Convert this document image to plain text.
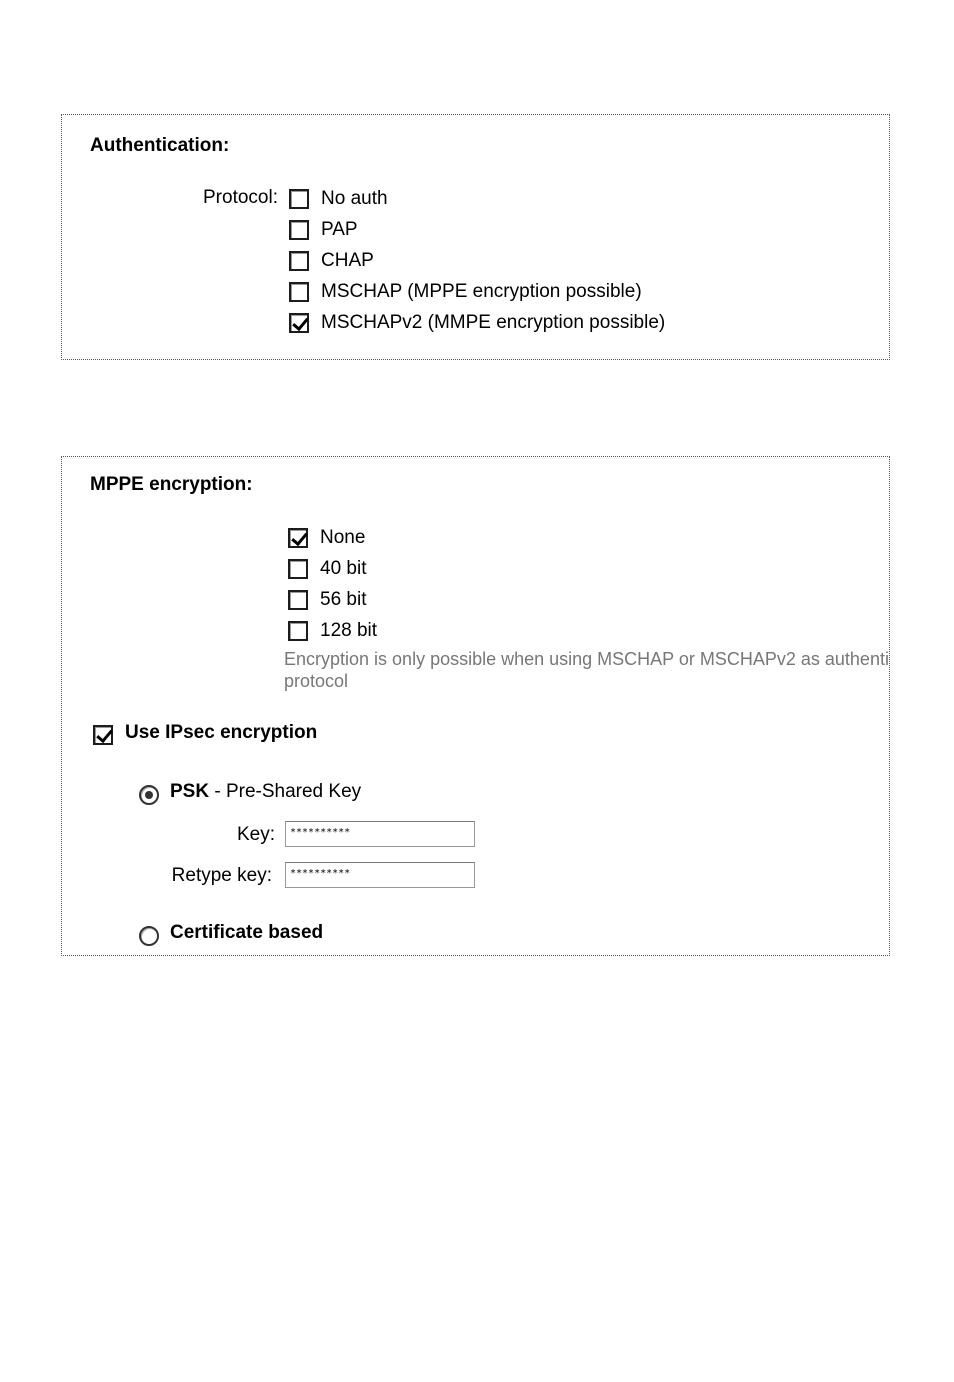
Authentication:
Protocol: No auth
PAP
CHAP
MSCHAP (MPPE encryption possible)
MSCHAPv2 (MMPE encryption possible)
MPPE encryption:
None
40 bit
56 bit
128 bit
Encryption is only possible when using MSCHAP or MSCHAPv2 as authenti
protocol
Use IPsec encryption
PSK - Pre-Shared Key
Key:	**********
Retype key:	**********
Certificate based
